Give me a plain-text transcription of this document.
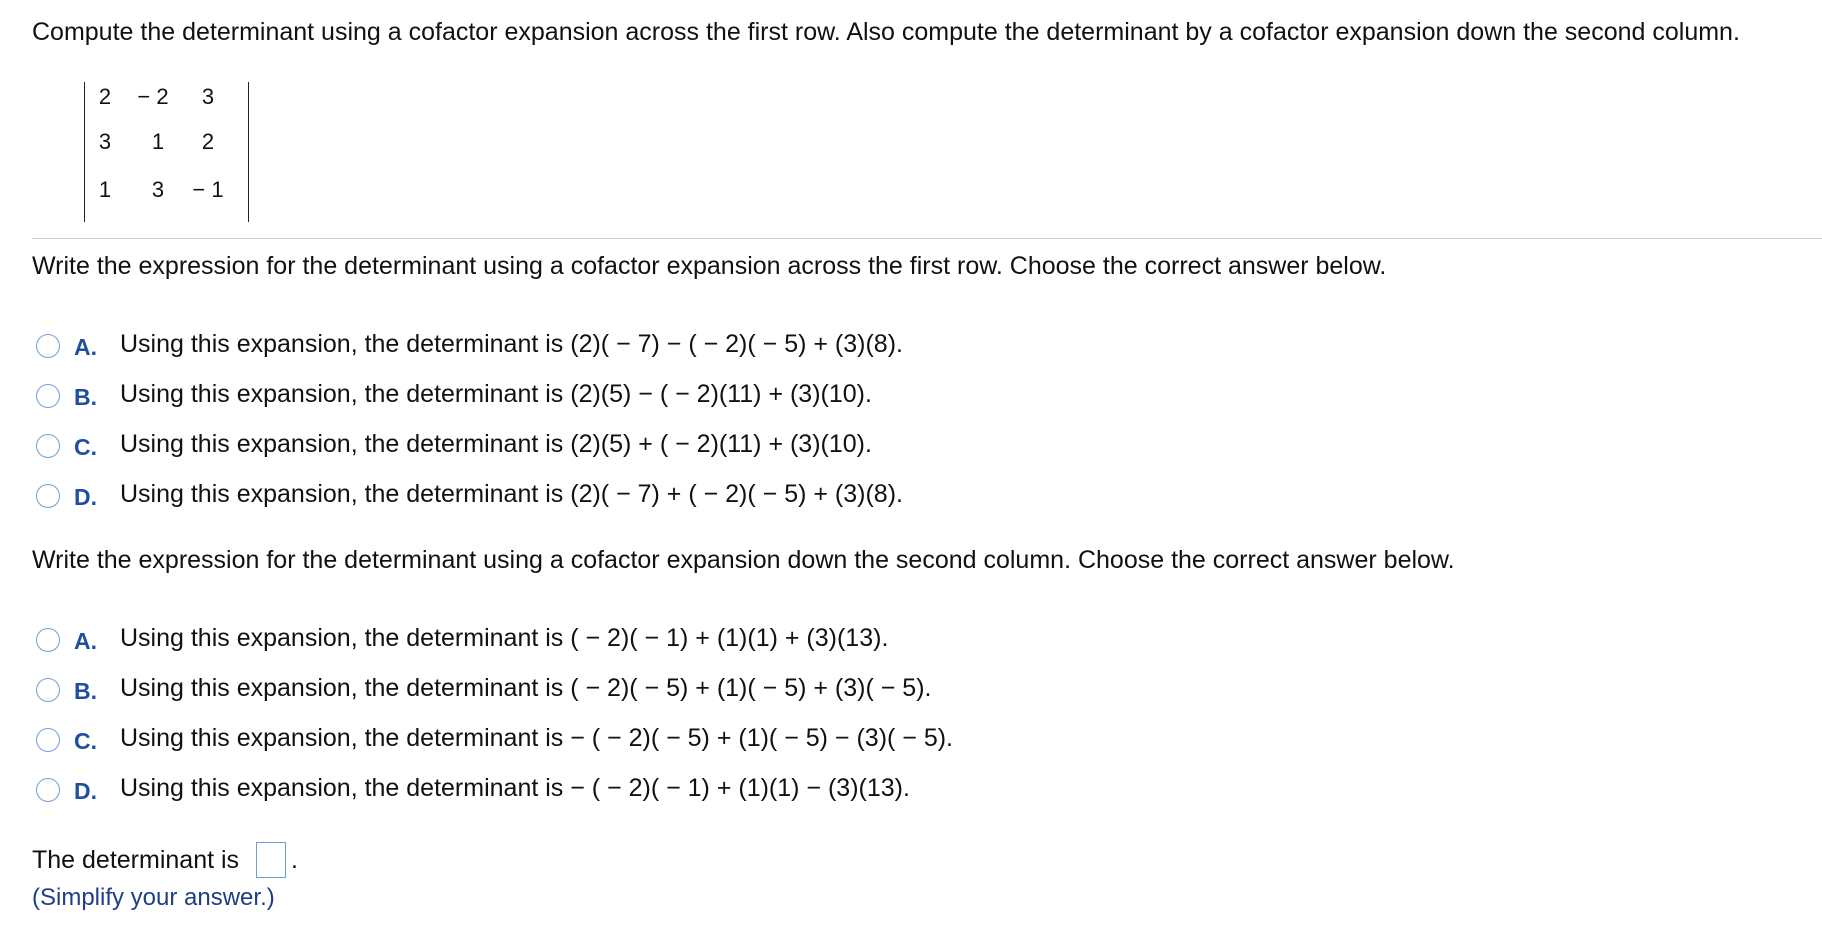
Compute the determinant using a cofactor expansion across the first row. Also compute the determinant by a cofactor expansion down the second column.
2	− 2	3
3	1	2
1	3	− 1
Write the expression for the determinant using a cofactor expansion across the first row. Choose the correct answer below.
A. Using this expansion, the determinant is (2)( − 7) − ( − 2)( − 5) + (3)(8).
B. Using this expansion, the determinant is (2)(5) − ( − 2)(11) + (3)(10).
C. Using this expansion, the determinant is (2)(5) + ( − 2)(11) + (3)(10).
D. Using this expansion, the determinant is (2)( − 7) + ( − 2)( − 5) + (3)(8).
Write the expression for the determinant using a cofactor expansion down the second column. Choose the correct answer below.
A. Using this expansion, the determinant is ( − 2)( − 1) + (1)(1) + (3)(13).
B. Using this expansion, the determinant is ( − 2)( − 5) + (1)( − 5) + (3)( − 5).
C. Using this expansion, the determinant is − ( − 2)( − 5) + (1)( − 5) − (3)( − 5).
D. Using this expansion, the determinant is − ( − 2)( − 1) + (1)(1) − (3)(13).
The determinant is .
(Simplify your answer.)
